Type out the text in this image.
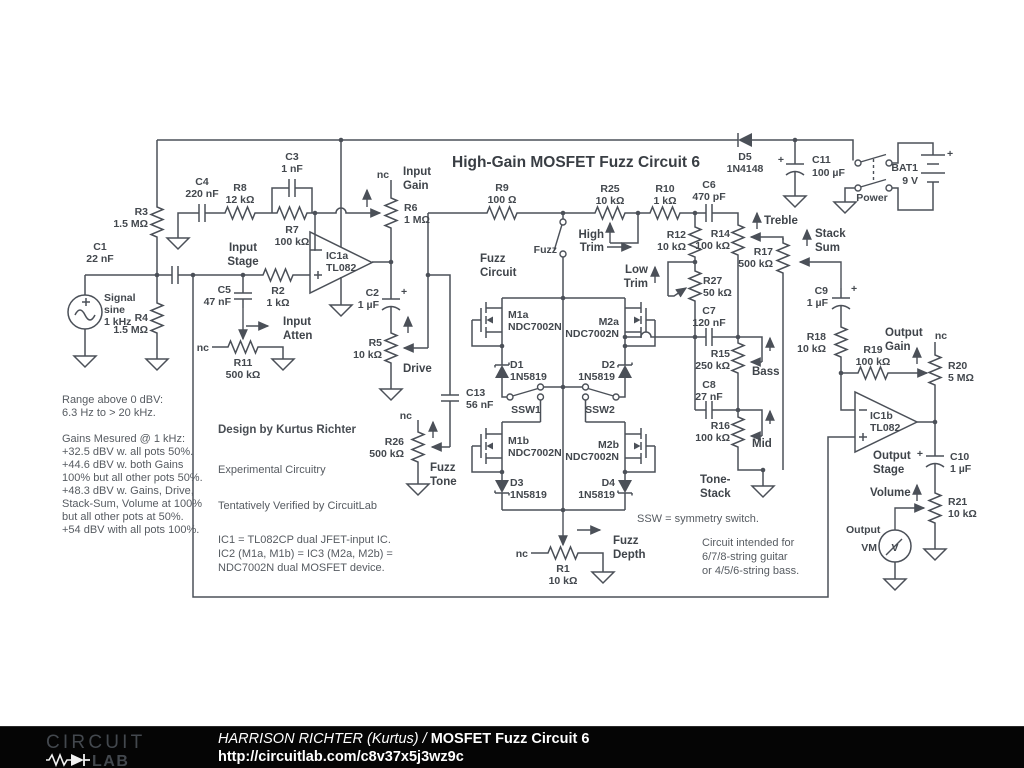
Signal
sine
1 kHz
R3
1.5 MΩ
C1
22 nF
R4
1.5 MΩ
C5
47 nF
nc
R11
500 kΩ
R2
1 kΩ
C4
220 nF R8
12 kΩ
C3
1 nF
R7
100 kΩ
IC1a
TL082
nc
R6
1 MΩ
+
C2
1 µF
R5
10 kΩ
C13
56 nF
nc
R26
500 kΩ
R9
100 Ω
Fuzz
R25
10 kΩ
R10
1 kΩ
C6
470 pF
R12
10 kΩ
R27
50 kΩ
R14
100 kΩ
C7
120 nF
R15
250 kΩ
C8
27 nF
R16
100 kΩ
R17
500 kΩ
+
C9
1 µF
R18
10 kΩ	R19
100 kΩ
nc
R20
5 MΩ
IC1b
TL082
+	C10
1 µF
R21
10 kΩ
V
VM
Output
D5
1N4148
+	C11
100 µF
Power
+
BAT1
9 V
M1a
NDC7002N
D1
1N5819
M2a
NDC7002N
D2
1N5819
SSW1	SSW2
M1b
NDC7002N
D3
1N5819
M2b
NDC7002N
D4
1N5819
nc
R1
10 kΩ
High-Gain MOSFET Fuzz Circuit 6
Input
Stage
Input
Gain
Input
Atten
Drive
Fuzz
Circuit
High
Trim
Low
Trim
Treble
Stack
Sum
Bass
Mid
Tone-
Stack
Output
Gain
Output
Stage
Volume
Fuzz
Depth
Fuzz
Tone
Range above 0 dBV:
6.3 Hz to > 20 kHz.
Gains Mesured @ 1 kHz:
+32.5 dBV w. all pots 50%.
+44.6 dBV w. both Gains
100% but all other pots 50%.
+48.3 dBV w. Gains, Drive,
Stack-Sum, Volume at 100%
but all other pots at 50%.
+54 dBV with all pots 100%.
Design by Kurtus Richter
Experimental Circuitry
Tentatively Verified by CircuitLab
IC1 = TL082CP dual JFET-input IC.
IC2 (M1a, M1b) = IC3 (M2a, M2b) =
NDC7002N dual MOSFET device.
SSW = symmetry switch.
Circuit intended for
6/7/8-string guitar
or 4/5/6-string bass.
CIRCUIT
LAB
HARRISON RICHTER (Kurtus) / MOSFET Fuzz Circuit 6
http://circuitlab.com/c8v37x5j3wz9c
